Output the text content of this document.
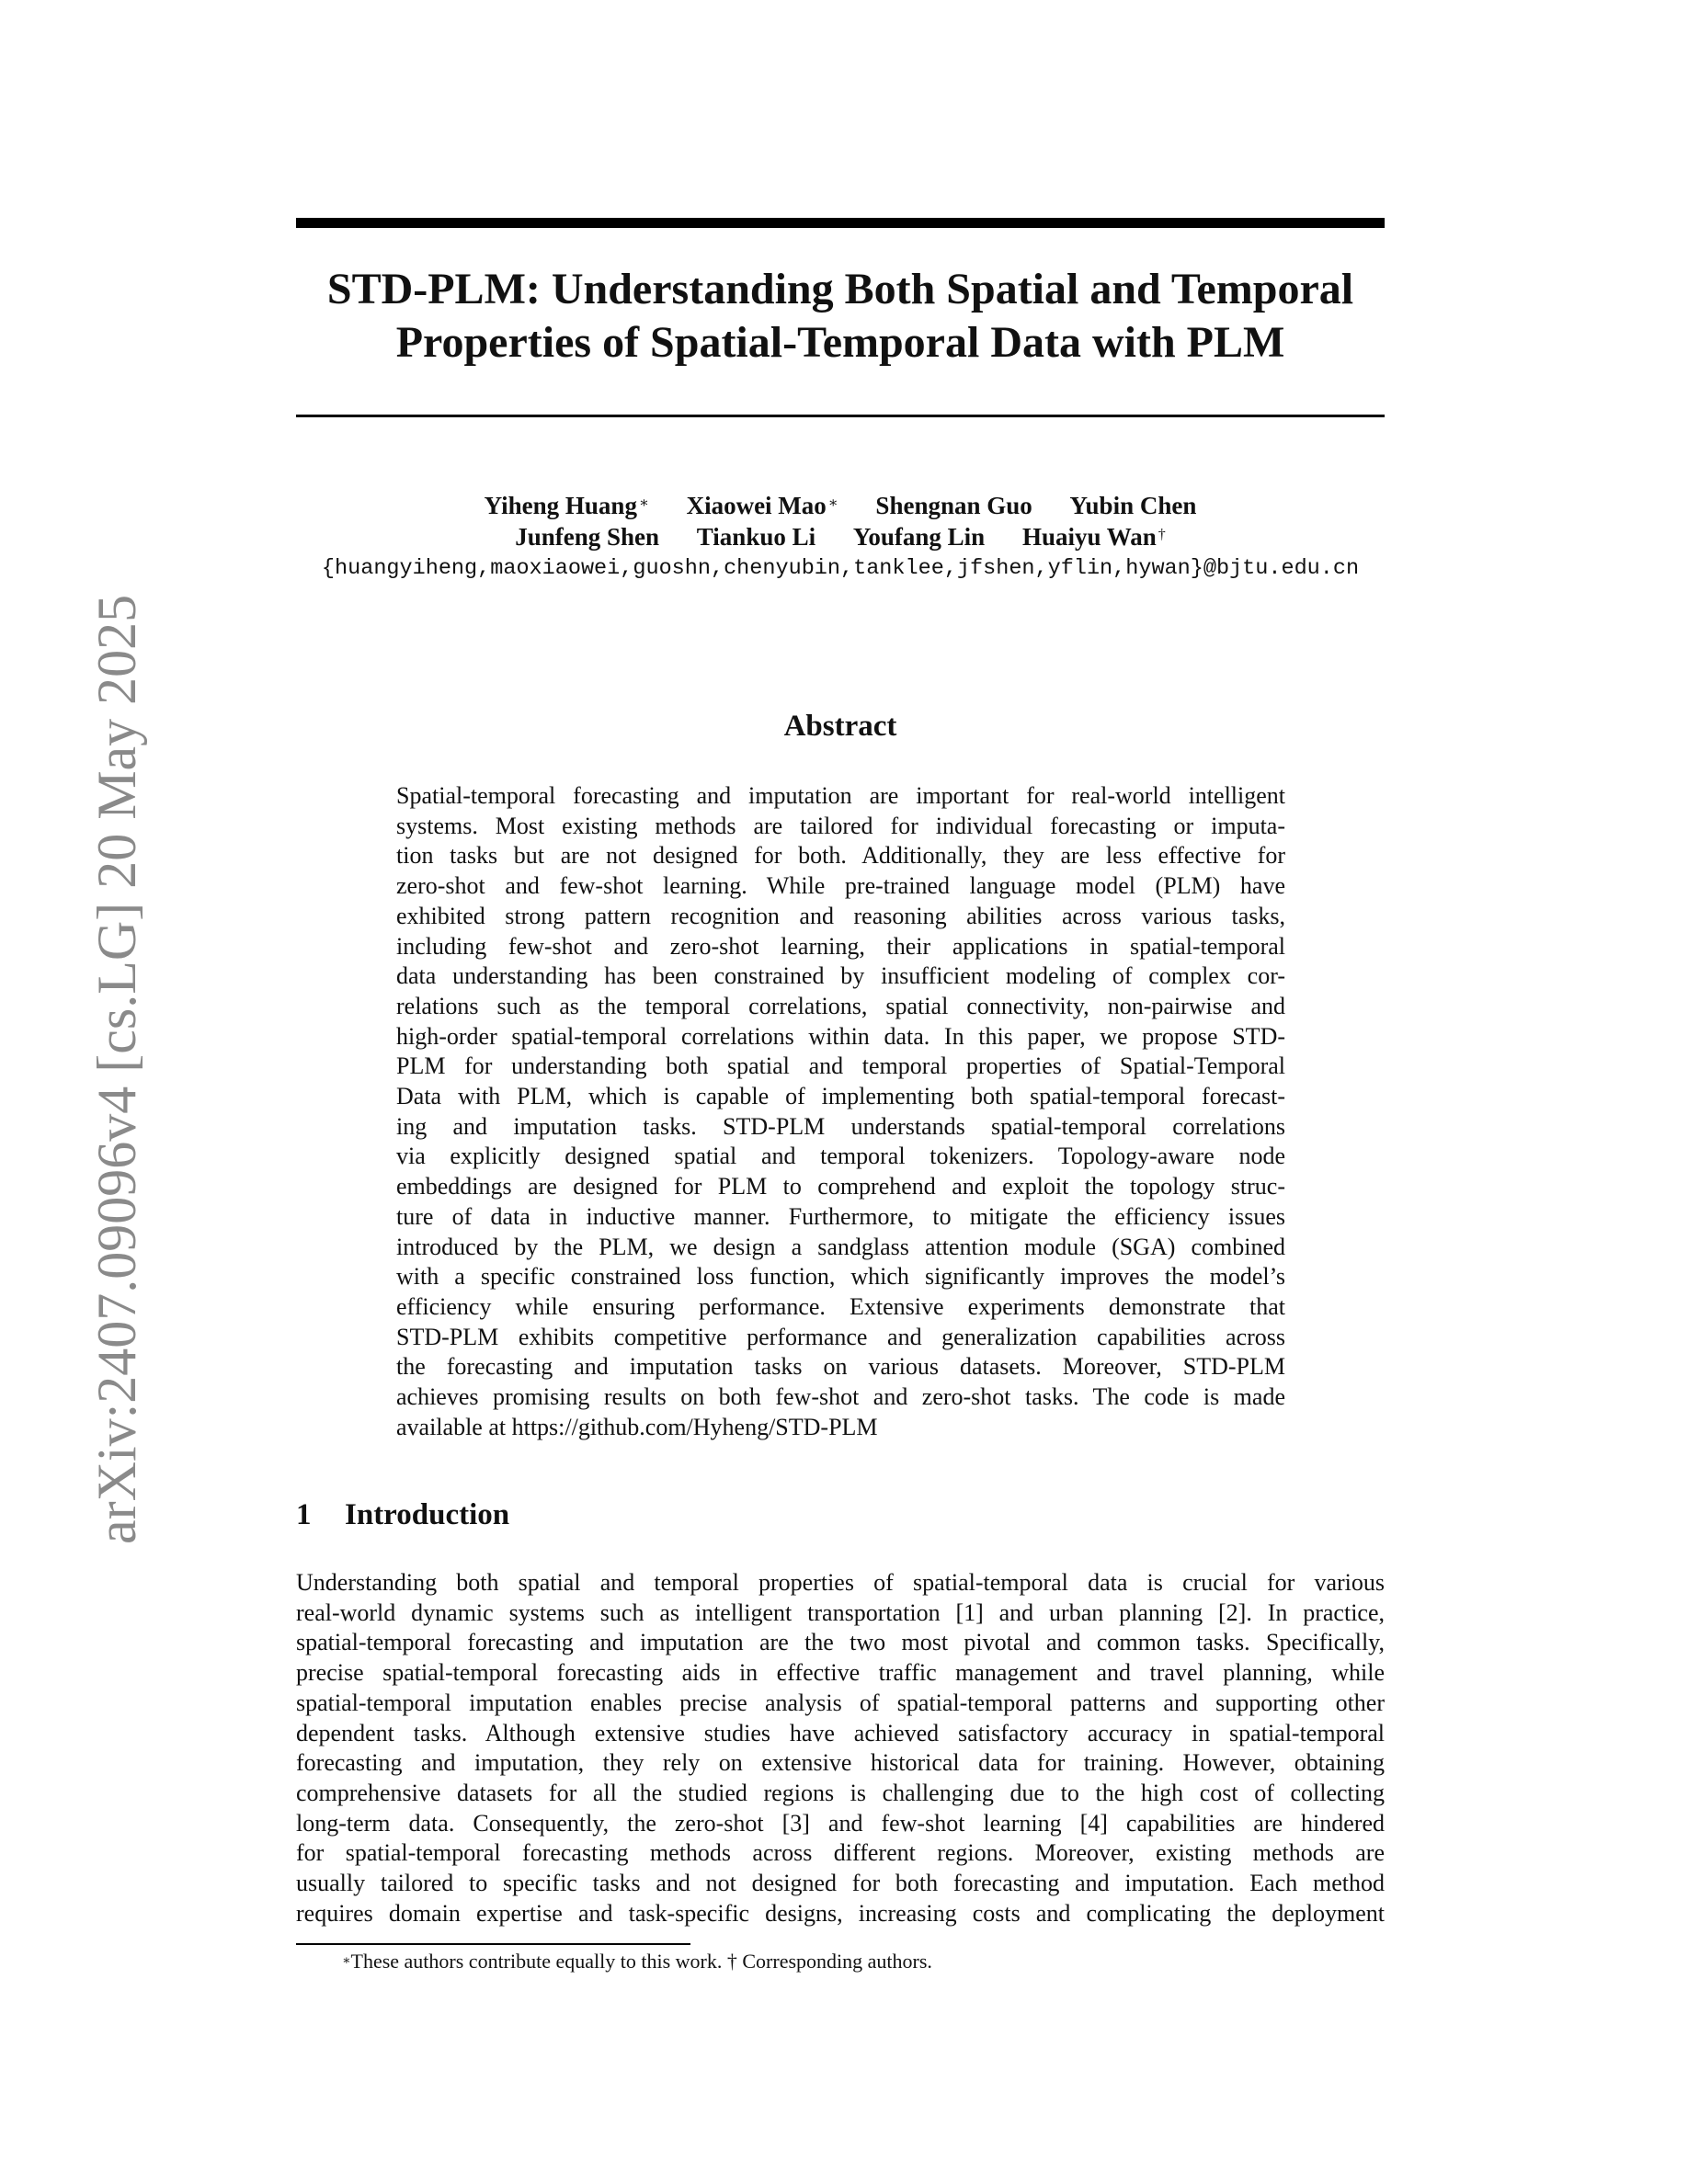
arXiv:2407.09096v4 [cs.LG] 20 May 2025
STD-PLM: Understanding Both Spatial and Temporal
Properties of Spatial-Temporal Data with PLM
Yiheng Huang ∗ Xiaowei Mao ∗ Shengnan Guo Yubin Chen
Junfeng Shen Tiankuo Li Youfang Lin Huaiyu Wan †
{huangyiheng,maoxiaowei,guoshn,chenyubin,tanklee,jfshen,yflin,hywan}@bjtu.edu.cn
Abstract
Spatial-temporal forecasting and imputation are important for real-world intelligent
systems. Most existing methods are tailored for individual forecasting or imputa-
tion tasks but are not designed for both. Additionally, they are less effective for
zero-shot and few-shot learning. While pre-trained language model (PLM) have
exhibited strong pattern recognition and reasoning abilities across various tasks,
including few-shot and zero-shot learning, their applications in spatial-temporal
data understanding has been constrained by insufficient modeling of complex cor-
relations such as the temporal correlations, spatial connectivity, non-pairwise and
high-order spatial-temporal correlations within data. In this paper, we propose STD-
PLM for understanding both spatial and temporal properties of Spatial-Temporal
Data with PLM, which is capable of implementing both spatial-temporal forecast-
ing and imputation tasks. STD-PLM understands spatial-temporal correlations
via explicitly designed spatial and temporal tokenizers. Topology-aware node
embeddings are designed for PLM to comprehend and exploit the topology struc-
ture of data in inductive manner. Furthermore, to mitigate the efficiency issues
introduced by the PLM, we design a sandglass attention module (SGA) combined
with a specific constrained loss function, which significantly improves the model’s
efficiency while ensuring performance. Extensive experiments demonstrate that
STD-PLM exhibits competitive performance and generalization capabilities across
the forecasting and imputation tasks on various datasets. Moreover, STD-PLM
achieves promising results on both few-shot and zero-shot tasks. The code is made
available at https://github.com/Hyheng/STD-PLM
1 Introduction
Understanding both spatial and temporal properties of spatial-temporal data is crucial for various
real-world dynamic systems such as intelligent transportation [1] and urban planning [2]. In practice,
spatial-temporal forecasting and imputation are the two most pivotal and common tasks. Specifically,
precise spatial-temporal forecasting aids in effective traffic management and travel planning, while
spatial-temporal imputation enables precise analysis of spatial-temporal patterns and supporting other
dependent tasks. Although extensive studies have achieved satisfactory accuracy in spatial-temporal
forecasting and imputation, they rely on extensive historical data for training. However, obtaining
comprehensive datasets for all the studied regions is challenging due to the high cost of collecting
long-term data. Consequently, the zero-shot [3] and few-shot learning [4] capabilities are hindered
for spatial-temporal forecasting methods across different regions. Moreover, existing methods are
usually tailored to specific tasks and not designed for both forecasting and imputation. Each method
requires domain expertise and task-specific designs, increasing costs and complicating the deployment
∗These authors contribute equally to this work. † Corresponding authors.
